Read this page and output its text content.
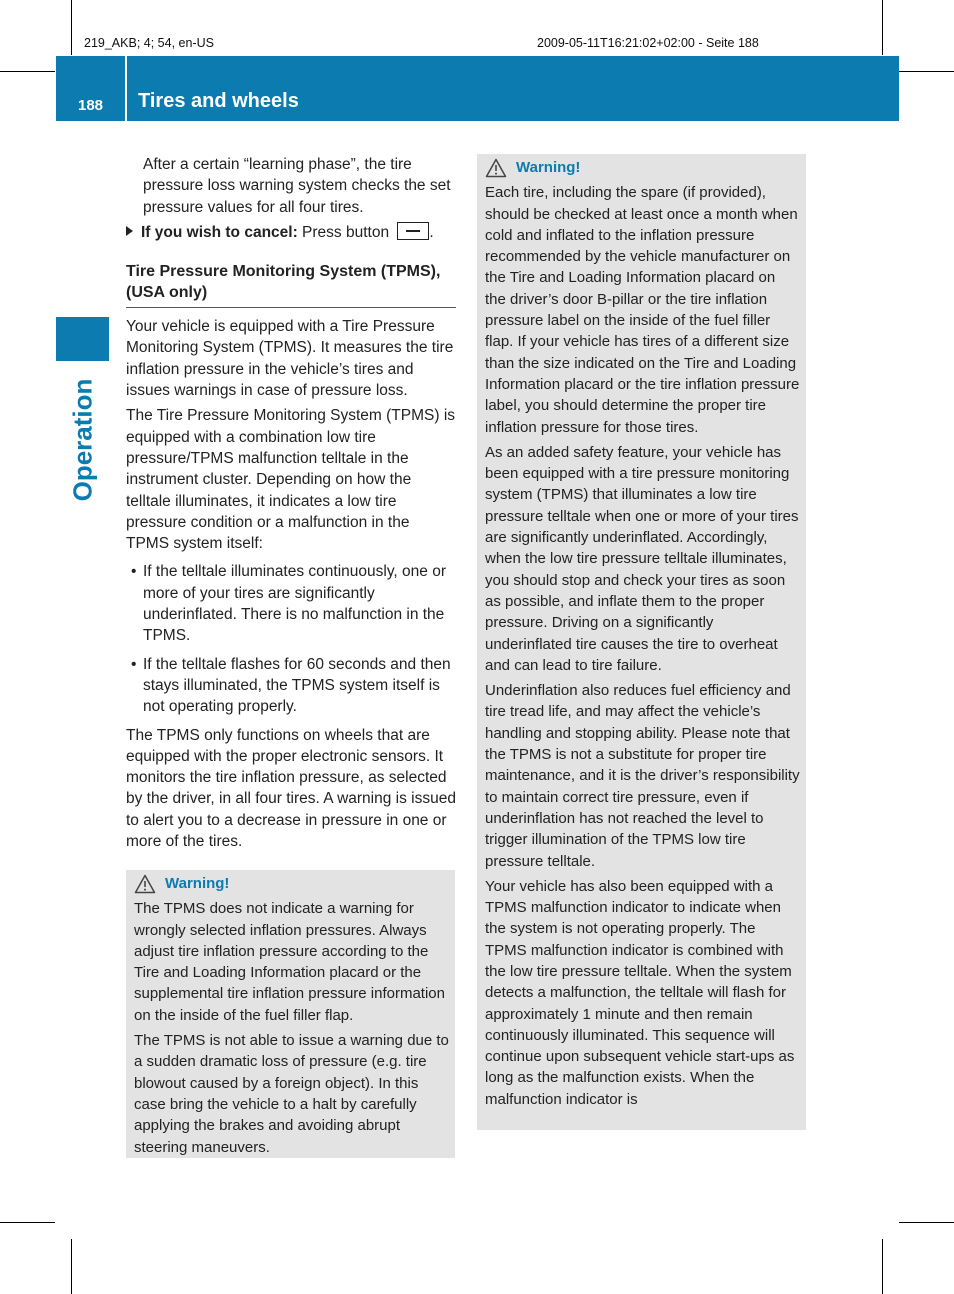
219_AKB; 4; 54, en-US	2009-05-11T16:21:02+02:00 - Seite 188

188	Tires and wheels
Operation

After a certain “learning phase”, the tire pressure loss warning system checks the set pressure values for all four tires.

If you wish to cancel: Press button .

Tire Pressure Monitoring System (TPMS), (USA only)

Your vehicle is equipped with a Tire Pressure Monitoring System (TPMS). It measures the tire inflation pressure in the vehicle’s tires and issues warnings in case of pressure loss.

The Tire Pressure Monitoring System (TPMS) is equipped with a combination low tire pressure/TPMS malfunction telltale in the instrument cluster. Depending on how the telltale illuminates, it indicates a low tire pressure condition or a malfunction in the TPMS system itself:

• If the telltale illuminates continuously, one or more of your tires are significantly underinflated. There is no malfunction in the TPMS.

• If the telltale flashes for 60 seconds and then stays illuminated, the TPMS system itself is not operating properly.

The TPMS only functions on wheels that are equipped with the proper electronic sensors. It monitors the tire inflation pressure, as selected by the driver, in all four tires. A warning is issued to alert you to a decrease in pressure in one or more of the tires.

Warning!

The TPMS does not indicate a warning for wrongly selected inflation pressures. Always adjust tire inflation pressure according to the Tire and Loading Information placard or the supplemental tire inflation pressure information on the inside of the fuel filler flap.

The TPMS is not able to issue a warning due to a sudden dramatic loss of pressure (e.g. tire blowout caused by a foreign object). In this case bring the vehicle to a halt by carefully applying the brakes and avoiding abrupt steering maneuvers.

Warning!

Each tire, including the spare (if provided), should be checked at least once a month when cold and inflated to the inflation pressure recommended by the vehicle manufacturer on the Tire and Loading Information placard on the driver’s door B-pillar or the tire inflation pressure label on the inside of the fuel filler flap. If your vehicle has tires of a different size than the size indicated on the Tire and Loading Information placard or the tire inflation pressure label, you should determine the proper tire inflation pressure for those tires.

As an added safety feature, your vehicle has been equipped with a tire pressure monitoring system (TPMS) that illuminates a low tire pressure telltale when one or more of your tires are significantly underinflated. Accordingly, when the low tire pressure telltale illuminates, you should stop and check your tires as soon as possible, and inflate them to the proper pressure. Driving on a significantly underinflated tire causes the tire to overheat and can lead to tire failure.

Underinflation also reduces fuel efficiency and tire tread life, and may affect the vehicle’s handling and stopping ability. Please note that the TPMS is not a substitute for proper tire maintenance, and it is the driver’s responsibility to maintain correct tire pressure, even if underinflation has not reached the level to trigger illumination of the TPMS low tire pressure telltale.

Your vehicle has also been equipped with a TPMS malfunction indicator to indicate when the system is not operating properly. The TPMS malfunction indicator is combined with the low tire pressure telltale. When the system detects a malfunction, the telltale will flash for approximately 1 minute and then remain continuously illuminated. This sequence will continue upon subsequent vehicle start-ups as long as the malfunction exists. When the malfunction indicator is
